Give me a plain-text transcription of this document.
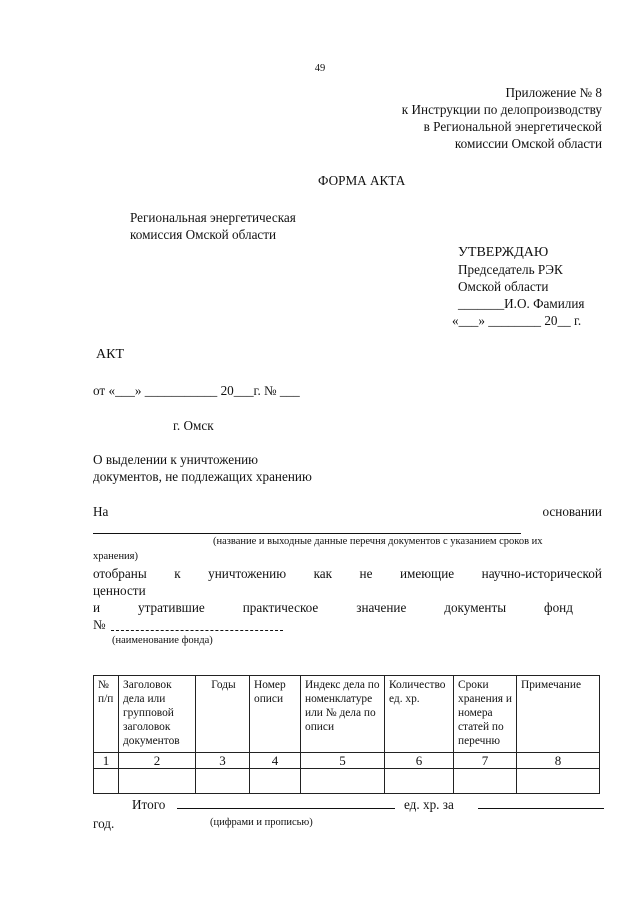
49
Приложение № 8
к Инструкции по делопроизводству
в Региональной энергетической
комиссии Омской области
ФОРМА АКТА
Региональная энергетическая
комиссия Омской области
УТВЕРЖДАЮ
Председатель РЭК
Омской области
_______И.О. Фамилия
«___» ________ 20__ г.
АКТ
от «___» ___________ 20___г. № ___
г. Омск
О выделении к уничтожению
документов, не подлежащих хранению
На	основании
(название и выходные данные перечня документов с указанием сроков их
хранения)
отобраны к уничтожению как не имеющие научно-исторической
ценности
и	утратившие	практическое	значение	документы	фонд
№
(наименование фонда)
№ п/п	Заголовок дела или групповой заголовок документов	Годы	Номер описи	Индекс дела по номенклатуре или № дела по описи	Количество ед. хр.	Сроки хранения и номера статей по перечню	Примечание
1	2	3	4	5	6	7	8

Итого	ед. хр. за
год.	(цифрами и прописью)
